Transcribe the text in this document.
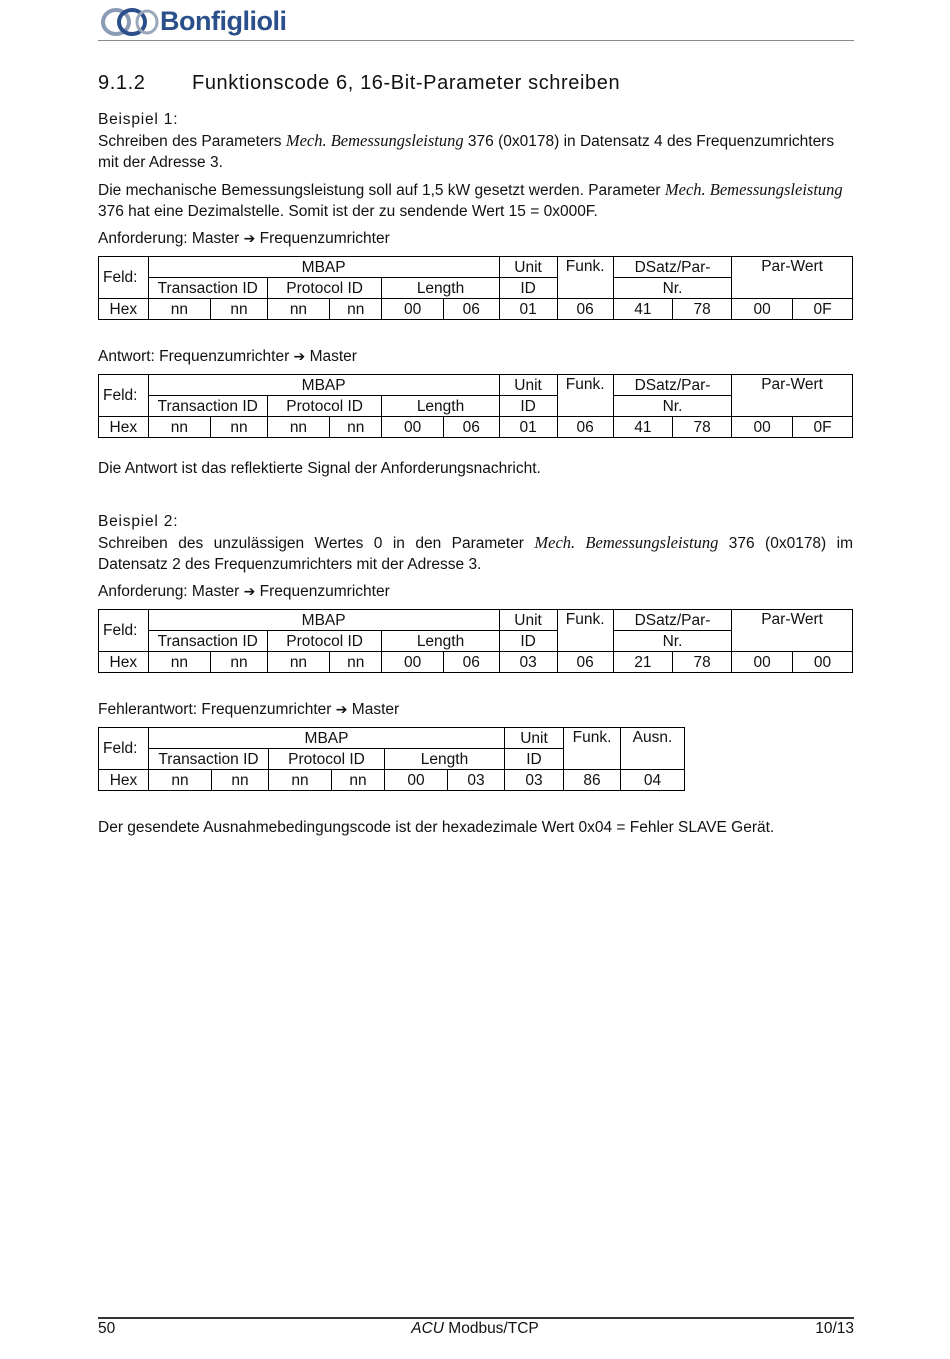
Bonfiglioli
9.1.2	Funktionscode 6, 16-Bit-Parameter schreiben

Beispiel 1:

Schreiben des Parameters Mech. Bemessungsleistung 376 (0x0178) in Datensatz 4 des Frequenzumrichters mit der Adresse 3.

Die mechanische Bemessungsleistung soll auf 1,5 kW gesetzt werden. Parameter Mech. Bemessungsleistung 376 hat eine Dezimalstelle. Somit ist der zu sendende Wert 15 = 0x000F.

Anforderung: Master ➔ Frequenzumrichter

Feld:	MBAP						Unit	Funk.	DSatz/Par-		Par-Wert	
	Transaction ID		Protocol ID		Length		ID		Nr.			
Hex	nn	nn	nn	nn	00	06	01	06	41	78	00	0F

Antwort: Frequenzumrichter ➔ Master

Feld:	MBAP						Unit	Funk.	DSatz/Par-		Par-Wert	
	Transaction ID		Protocol ID		Length		ID		Nr.			
Hex	nn	nn	nn	nn	00	06	01	06	41	78	00	0F

Die Antwort ist das reflektierte Signal der Anforderungsnachricht.

Beispiel 2:

Schreiben des unzulässigen Wertes 0 in den Parameter Mech. Bemessungsleistung 376 (0x0178) im Datensatz 2 des Frequenzumrichters mit der Adresse 3.

Anforderung: Master ➔ Frequenzumrichter

Feld:	MBAP						Unit	Funk.	DSatz/Par-		Par-Wert	
	Transaction ID		Protocol ID		Length		ID		Nr.			
Hex	nn	nn	nn	nn	00	06	03	06	21	78	00	00

Fehlerantwort: Frequenzumrichter ➔ Master

Feld:	MBAP						Unit	Funk.	Ausn.
	Transaction ID		Protocol ID		Length		ID		
Hex	nn	nn	nn	nn	00	03	03	86	04

Der gesendete Ausnahmebedingungscode ist der hexadezimale Wert 0x04 = Fehler SLAVE Gerät.

50	ACU Modbus/TCP	10/13
